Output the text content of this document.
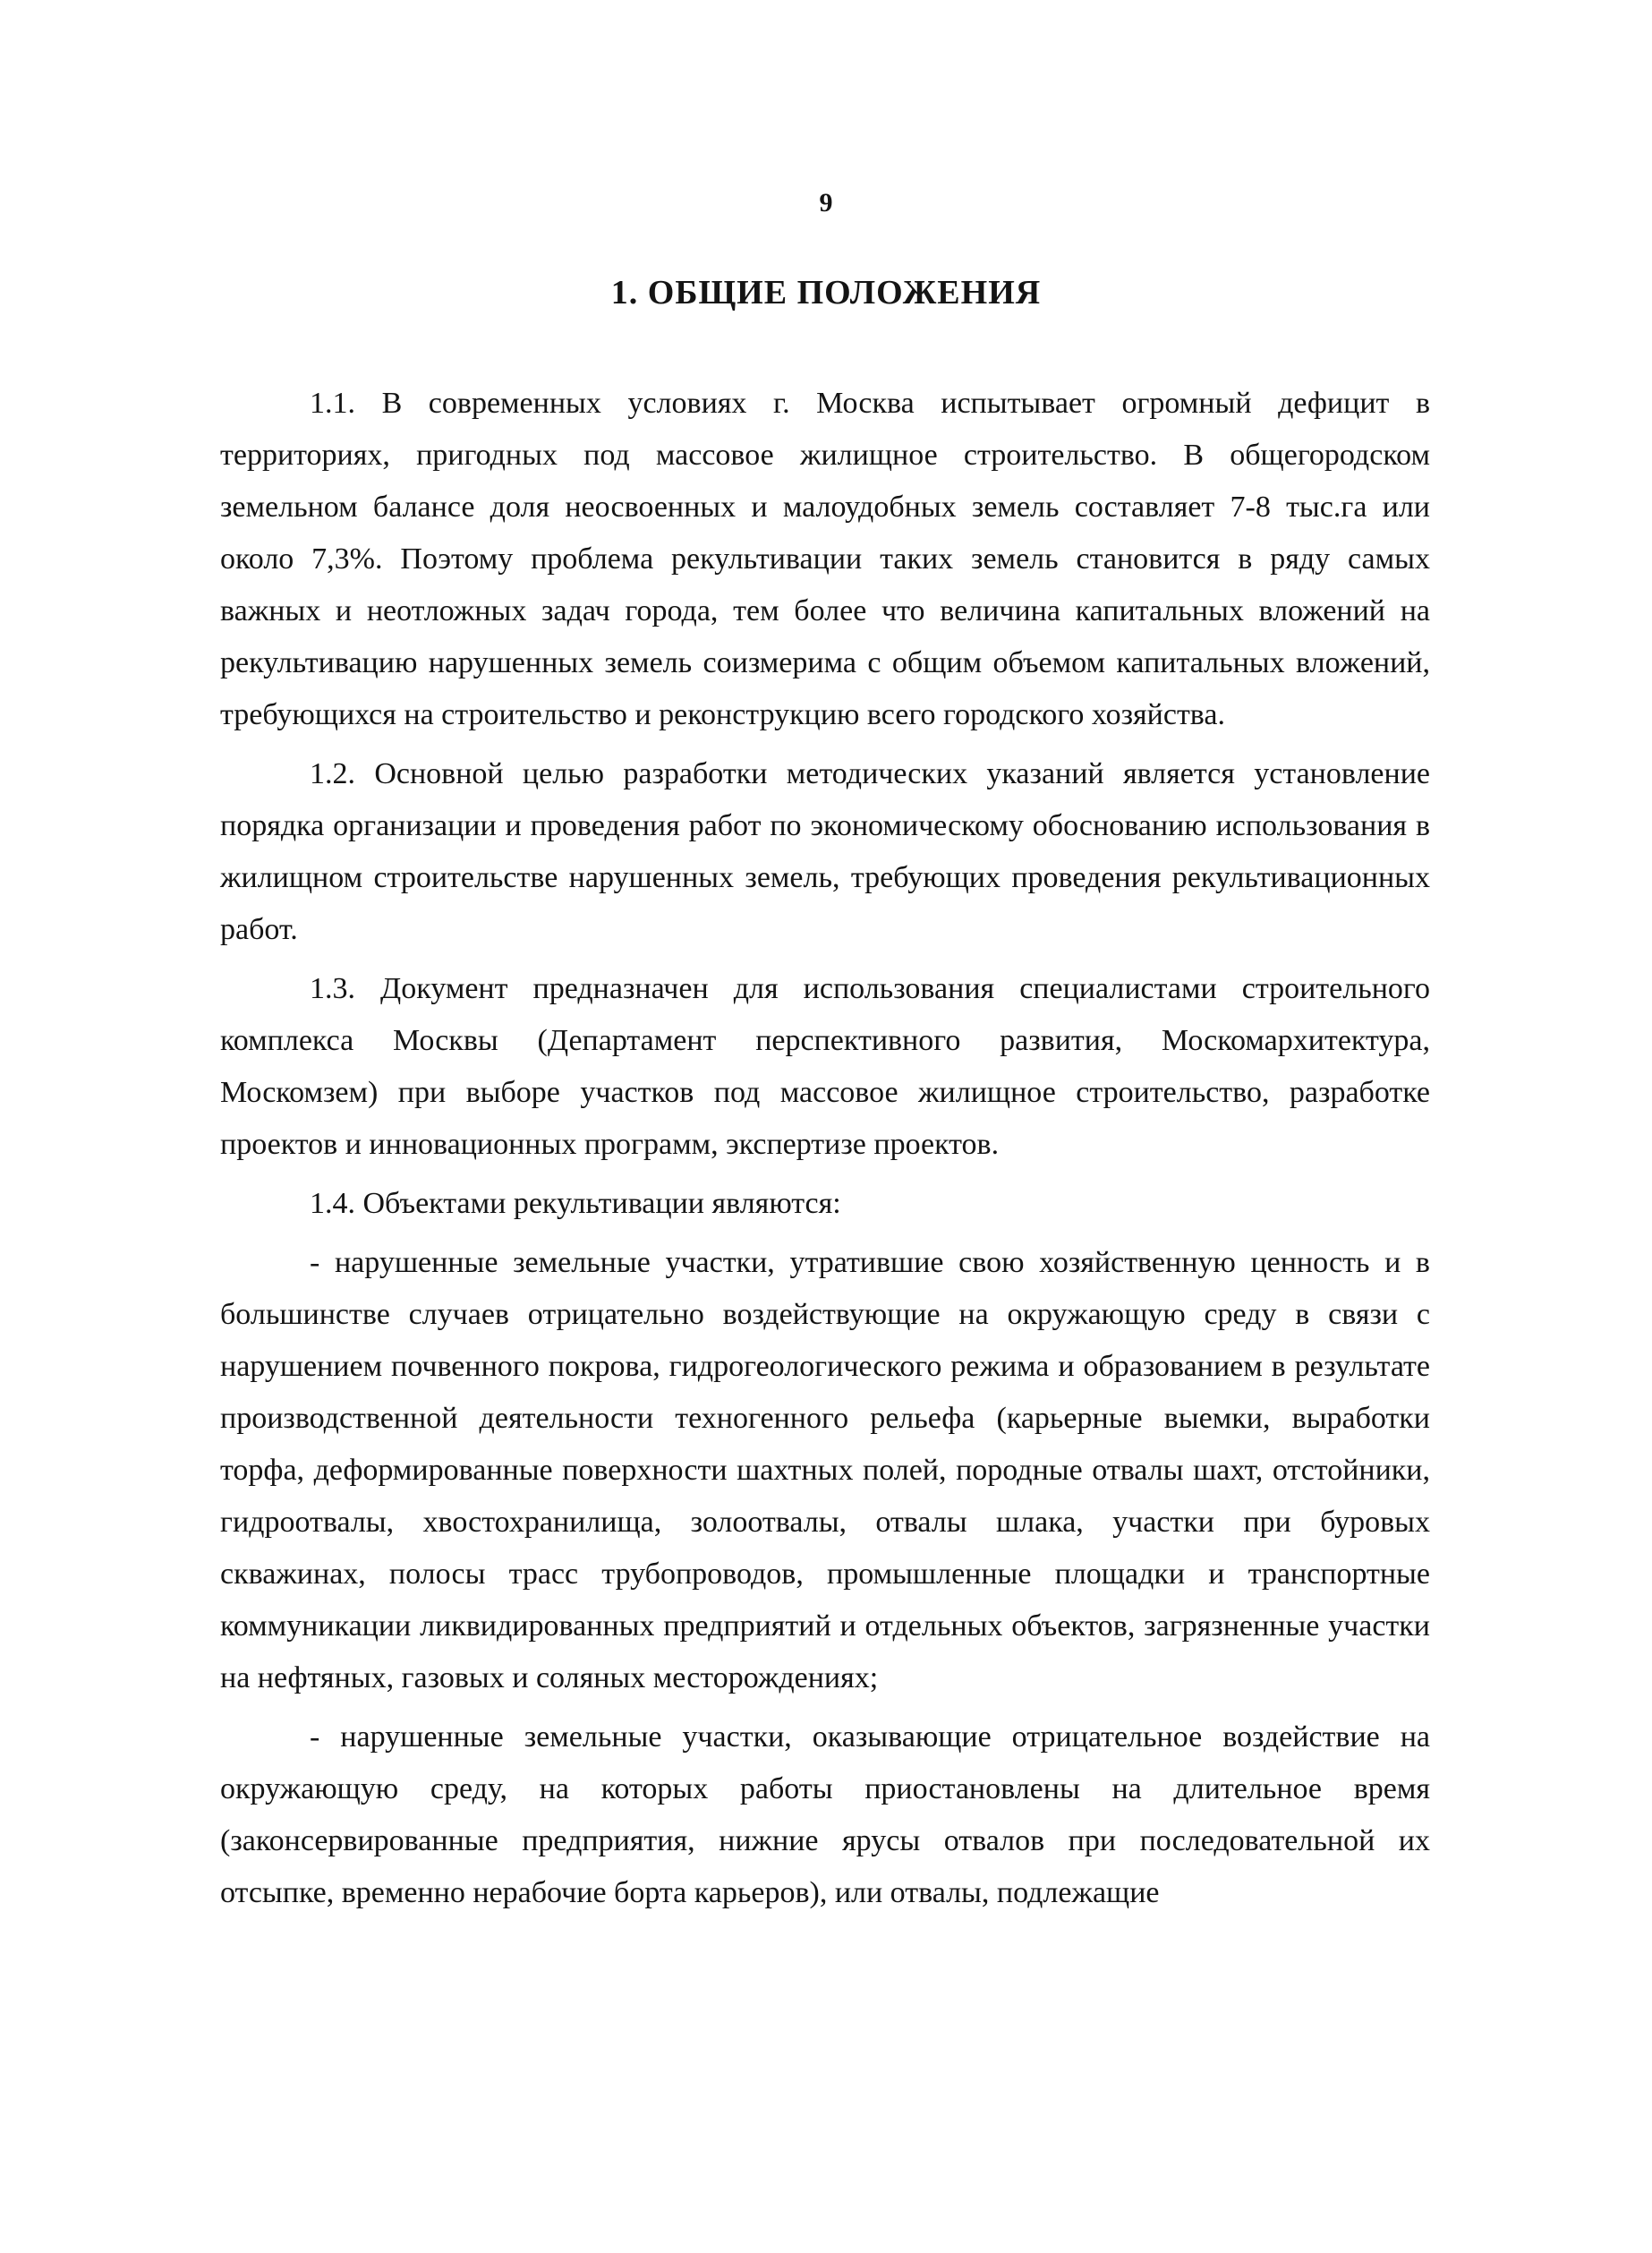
9
1. ОБЩИЕ ПОЛОЖЕНИЯ

1.1. В современных условиях г. Москва испытывает огромный дефицит в территориях, пригодных под массовое жилищное строительство. В общегородском земельном балансе доля неосвоенных и малоудобных земель составляет 7-8 тыс.га или около 7,3%. Поэтому проблема рекультивации таких земель становится в ряду самых важных и неотложных задач города, тем более что величина капитальных вложений на рекультивацию нарушенных земель соизмерима с общим объемом капитальных вложений, требующихся на строительство и реконструкцию всего городского хозяйства.

1.2. Основной целью разработки методических указаний является установление порядка организации и проведения работ по экономическому обоснованию использования в жилищном строительстве нарушенных земель, требующих проведения рекультивационных работ.

1.3. Документ предназначен для использования специалистами строительного комплекса Москвы (Департамент перспективного развития, Москомархитектура, Москомзем) при выборе участков под массовое жилищное строительство, разработке проектов и инновационных программ, экспертизе проектов.

1.4. Объектами рекультивации являются:

- нарушенные земельные участки, утратившие свою хозяйственную ценность и в большинстве случаев отрицательно воздействующие на окружающую среду в связи с нарушением почвенного покрова, гидрогеологического режима и образованием в результате производственной деятельности техногенного рельефа (карьерные выемки, выработки торфа, деформированные поверхности шахтных полей, породные отвалы шахт, отстойники, гидроотвалы, хвостохранилища, золоотвалы, отвалы шлака, участки при буровых скважинах, полосы трасс трубопроводов, промышленные площадки и транспортные коммуникации ликвидированных предприятий и отдельных объектов, загрязненные участки на нефтяных, газовых и соляных месторождениях;

- нарушенные земельные участки, оказывающие отрицательное воздействие на окружающую среду, на которых работы приостановлены на длительное время (законсервированные предприятия, нижние ярусы отвалов при последовательной их отсыпке, временно нерабочие борта карьеров), или отвалы, подлежащие
